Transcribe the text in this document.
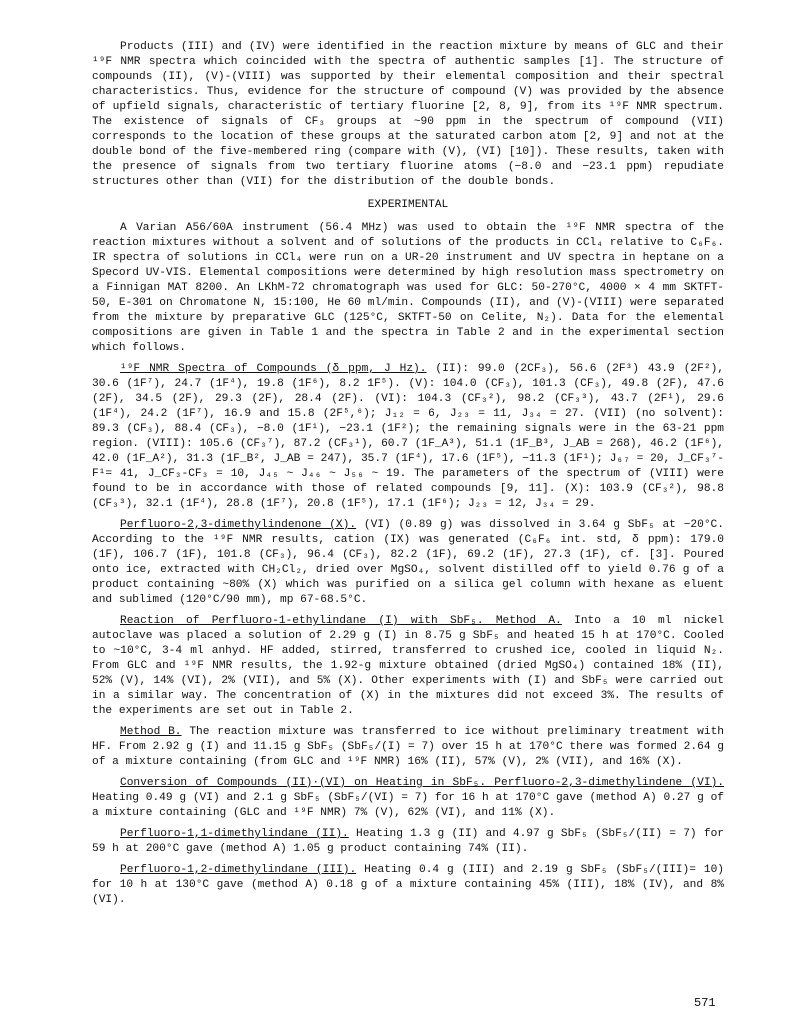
Products (III) and (IV) were identified in the reaction mixture by means of GLC and their ¹⁹F NMR spectra which coincided with the spectra of authentic samples [1]. The structure of compounds (II), (V)-(VIII) was supported by their elemental composition and their spectral characteristics. Thus, evidence for the structure of compound (V) was provided by the absence of upfield signals, characteristic of tertiary fluorine [2, 8, 9], from its ¹⁹F NMR spectrum. The existence of signals of CF₃ groups at ~90 ppm in the spectrum of compound (VII) corresponds to the location of these groups at the saturated carbon atom [2, 9] and not at the double bond of the five-membered ring (compare with (V), (VI) [10]). These results, taken with the presence of signals from two tertiary fluorine atoms (−8.0 and −23.1 ppm) repudiate structures other than (VII) for the distribution of the double bonds.

EXPERIMENTAL

A Varian A56/60A instrument (56.4 MHz) was used to obtain the ¹⁹F NMR spectra of the reaction mixtures without a solvent and of solutions of the products in CCl₄ relative to C₆F₆. IR spectra of solutions in CCl₄ were run on a UR-20 instrument and UV spectra in heptane on a Specord UV-VIS. Elemental compositions were determined by high resolution mass spectrometry on a Finnigan MAT 8200. An LKhM-72 chromatograph was used for GLC: 50-270°C, 4000 × 4 mm SKTFT-50, E-301 on Chromatone N, 15:100, He 60 ml/min. Compounds (II), and (V)-(VIII) were separated from the mixture by preparative GLC (125°C, SKTFT-50 on Celite, N₂). Data for the elemental compositions are given in Table 1 and the spectra in Table 2 and in the experimental section which follows.

¹⁹F NMR Spectra of Compounds (δ ppm, J Hz). (II): 99.0 (2CF₃), 56.6 (2F³) 43.9 (2F²), 30.6 (1F⁷), 24.7 (1F⁴), 19.8 (1F⁶), 8.2 1F⁵). (V): 104.0 (CF₃), 101.3 (CF₃), 49.8 (2F), 47.6 (2F), 34.5 (2F), 29.3 (2F), 28.4 (2F). (VI): 104.3 (CF₃²), 98.2 (CF₃³), 43.7 (2F¹), 29.6 (1F⁴), 24.2 (1F⁷), 16.9 and 15.8 (2F⁵,⁶); J₁₂ = 6, J₂₃ = 11, J₃₄ = 27. (VII) (no solvent): 89.3 (CF₃), 88.4 (CF₃), −8.0 (1F¹), −23.1 (1F²); the remaining signals were in the 63-21 ppm region. (VIII): 105.6 (CF₃⁷), 87.2 (CF₃¹), 60.7 (1F_A³), 51.1 (1F_B³, J_AB = 268), 46.2 (1F⁶), 42.0 (1F_A²), 31.3 (1F_B², J_AB = 247), 35.7 (1F⁴), 17.6 (1F⁵), −11.3 (1F¹); J₆₇ = 20, J_CF₃⁷-F¹= 41, J_CF₃-CF₃ = 10, J₄₅ ~ J₄₆ ~ J₅₆ ~ 19. The parameters of the spectrum of (VIII) were found to be in accordance with those of related compounds [9, 11]. (X): 103.9 (CF₃²), 98.8 (CF₃³), 32.1 (1F⁴), 28.8 (1F⁷), 20.8 (1F⁵), 17.1 (1F⁶); J₂₃ = 12, J₃₄ = 29.

Perfluoro-2,3-dimethylindenone (X). (VI) (0.89 g) was dissolved in 3.64 g SbF₅ at −20°C. According to the ¹⁹F NMR results, cation (IX) was generated (C₆F₆ int. std, δ ppm): 179.0 (1F), 106.7 (1F), 101.8 (CF₃), 96.4 (CF₃), 82.2 (1F), 69.2 (1F), 27.3 (1F), cf. [3]. Poured onto ice, extracted with CH₂Cl₂, dried over MgSO₄, solvent distilled off to yield 0.76 g of a product containing ~80% (X) which was purified on a silica gel column with hexane as eluent and sublimed (120°C/90 mm), mp 67-68.5°C.

Reaction of Perfluoro-1-ethylindane (I) with SbF₅. Method A. Into a 10 ml nickel autoclave was placed a solution of 2.29 g (I) in 8.75 g SbF₅ and heated 15 h at 170°C. Cooled to ~10°C, 3-4 ml anhyd. HF added, stirred, transferred to crushed ice, cooled in liquid N₂. From GLC and ¹⁹F NMR results, the 1.92-g mixture obtained (dried MgSO₄) contained 18% (II), 52% (V), 14% (VI), 2% (VII), and 5% (X). Other experiments with (I) and SbF₅ were carried out in a similar way. The concentration of (X) in the mixtures did not exceed 3%. The results of the experiments are set out in Table 2.

Method B. The reaction mixture was transferred to ice without preliminary treatment with HF. From 2.92 g (I) and 11.15 g SbF₅ (SbF₅/(I) = 7) over 15 h at 170°C there was formed 2.64 g of a mixture containing (from GLC and ¹⁹F NMR) 16% (II), 57% (V), 2% (VII), and 16% (X).

Conversion of Compounds (II)·(VI) on Heating in SbF₅. Perfluoro-2,3-dimethylindene (VI). Heating 0.49 g (VI) and 2.1 g SbF₅ (SbF₅/(VI) = 7) for 16 h at 170°C gave (method A) 0.27 g of a mixture containing (GLC and ¹⁹F NMR) 7% (V), 62% (VI), and 11% (X).

Perfluoro-1,1-dimethylindane (II). Heating 1.3 g (II) and 4.97 g SbF₅ (SbF₅/(II) = 7) for 59 h at 200°C gave (method A) 1.05 g product containing 74% (II).

Perfluoro-1,2-dimethylindane (III). Heating 0.4 g (III) and 2.19 g SbF₅ (SbF₅/(III)= 10) for 10 h at 130°C gave (method A) 0.18 g of a mixture containing 45% (III), 18% (IV), and 8% (VI).

571
